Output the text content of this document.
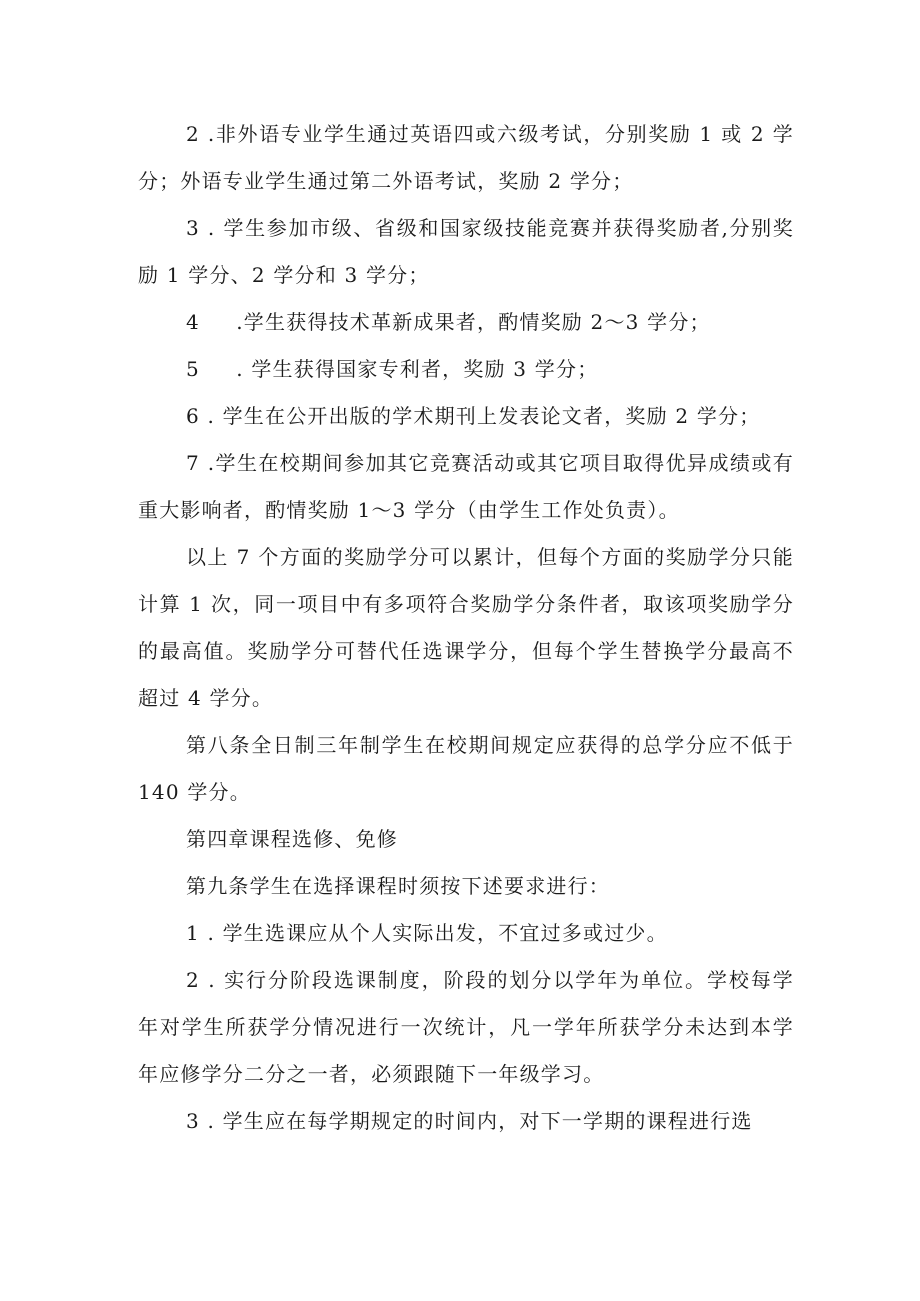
2 .非外语专业学生通过英语四或六级考试，分别奖励 1 或 2 学分；外语专业学生通过第二外语考试，奖励 2 学分；

3 . 学生参加市级、省级和国家级技能竞赛并获得奖励者,分别奖励 1 学分、2 学分和 3 学分；

4 　 .学生获得技术革新成果者，酌情奖励 2～3 学分；

5 　 . 学生获得国家专利者，奖励 3 学分；

6 . 学生在公开出版的学术期刊上发表论文者，奖励 2 学分；

7 .学生在校期间参加其它竞赛活动或其它项目取得优异成绩或有重大影响者，酌情奖励 1～3 学分（由学生工作处负责）。

以上 7 个方面的奖励学分可以累计，但每个方面的奖励学分只能计算 1 次，同一项目中有多项符合奖励学分条件者，取该项奖励学分的最高值。奖励学分可替代任选课学分，但每个学生替换学分最高不超过 4 学分。

第八条全日制三年制学生在校期间规定应获得的总学分应不低于 140 学分。

第四章课程选修、免修

第九条学生在选择课程时须按下述要求进行：

1 . 学生选课应从个人实际出发，不宜过多或过少。

2 . 实行分阶段选课制度，阶段的划分以学年为单位。学校每学年对学生所获学分情况进行一次统计，凡一学年所获学分未达到本学年应修学分二分之一者，必须跟随下一年级学习。

3 . 学生应在每学期规定的时间内，对下一学期的课程进行选
